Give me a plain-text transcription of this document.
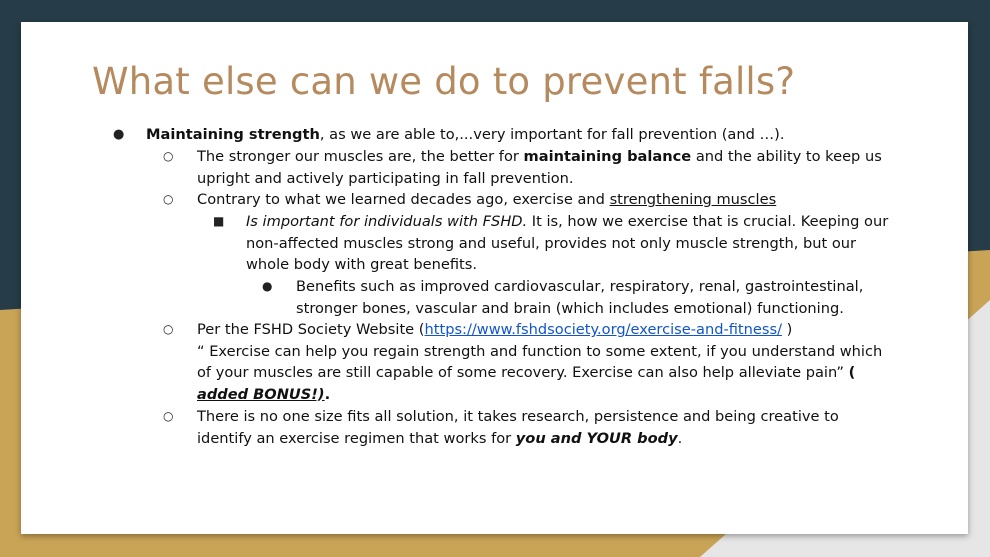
What else can we do to prevent falls?
● Maintaining strength, as we are able to,...very important for fall prevention (and …).
○ The stronger our muscles are, the better for maintaining balance and the ability to keep us upright and actively participating in fall prevention.
○ Contrary to what we learned decades ago, exercise and strengthening muscles
■ Is important for individuals with FSHD. It is, how we exercise that is crucial. Keeping our non-affected muscles strong and useful, provides not only muscle strength, but our whole body with great benefits.
● Benefits such as improved cardiovascular, respiratory, renal, gastrointestinal, stronger bones, vascular and brain (which includes emotional) functioning.
○ Per the FSHD Society Website (https://www.fshdsociety.org/exercise-and-fitness/ )
“ Exercise can help you regain strength and function to some extent, if you understand which of your muscles are still capable of some recovery. Exercise can also help alleviate pain” ( added BONUS!).
○ There is no one size fits all solution, it takes research, persistence and being creative to identify an exercise regimen that works for you and YOUR body.
